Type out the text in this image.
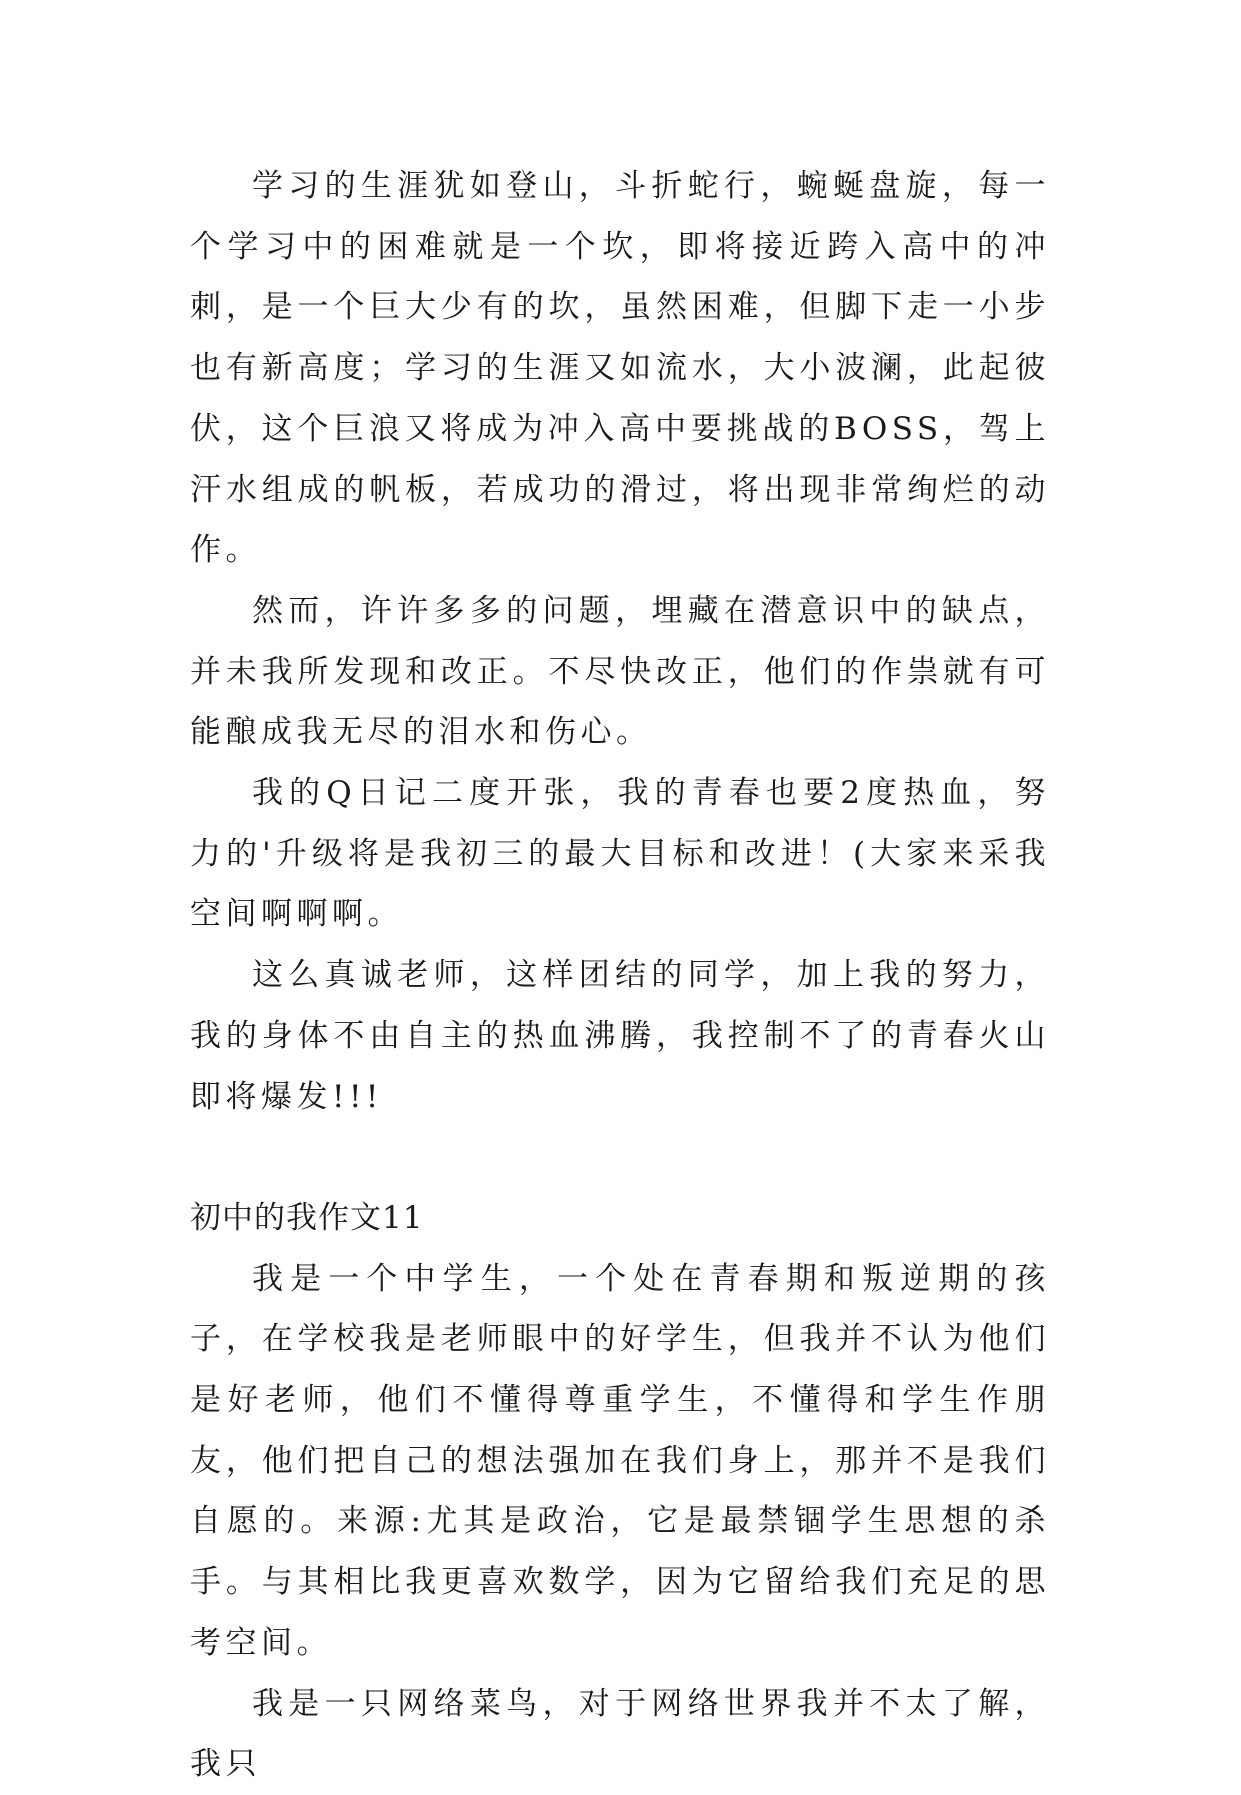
学习的生涯犹如登山，斗折蛇行，蜿蜒盘旋，每一个学习中的困难就是一个坎，即将接近跨入高中的冲刺，是一个巨大少有的坎，虽然困难，但脚下走一小步也有新高度；学习的生涯又如流水，大小波澜，此起彼伏，这个巨浪又将成为冲入高中要挑战的BOSS，驾上汗水组成的帆板，若成功的滑过，将出现非常绚烂的动作。

然而，许许多多的问题，埋藏在潜意识中的缺点，并未我所发现和改正。不尽快改正，他们的作祟就有可能酿成我无尽的泪水和伤心。

我的Q日记二度开张，我的青春也要2度热血，努力的'升级将是我初三的最大目标和改进！(大家来采我空间啊啊啊。

这么真诚老师，这样团结的同学，加上我的努力，我的身体不由自主的热血沸腾，我控制不了的青春火山即将爆发!!!

初中的我作文11

我是一个中学生，一个处在青春期和叛逆期的孩子，在学校我是老师眼中的好学生，但我并不认为他们是好老师，他们不懂得尊重学生，不懂得和学生作朋友，他们把自己的想法强加在我们身上，那并不是我们自愿的。来源:尤其是政治，它是最禁锢学生思想的杀手。与其相比我更喜欢数学，因为它留给我们充足的思考空间。

我是一只网络菜鸟，对于网络世界我并不太了解，我只
